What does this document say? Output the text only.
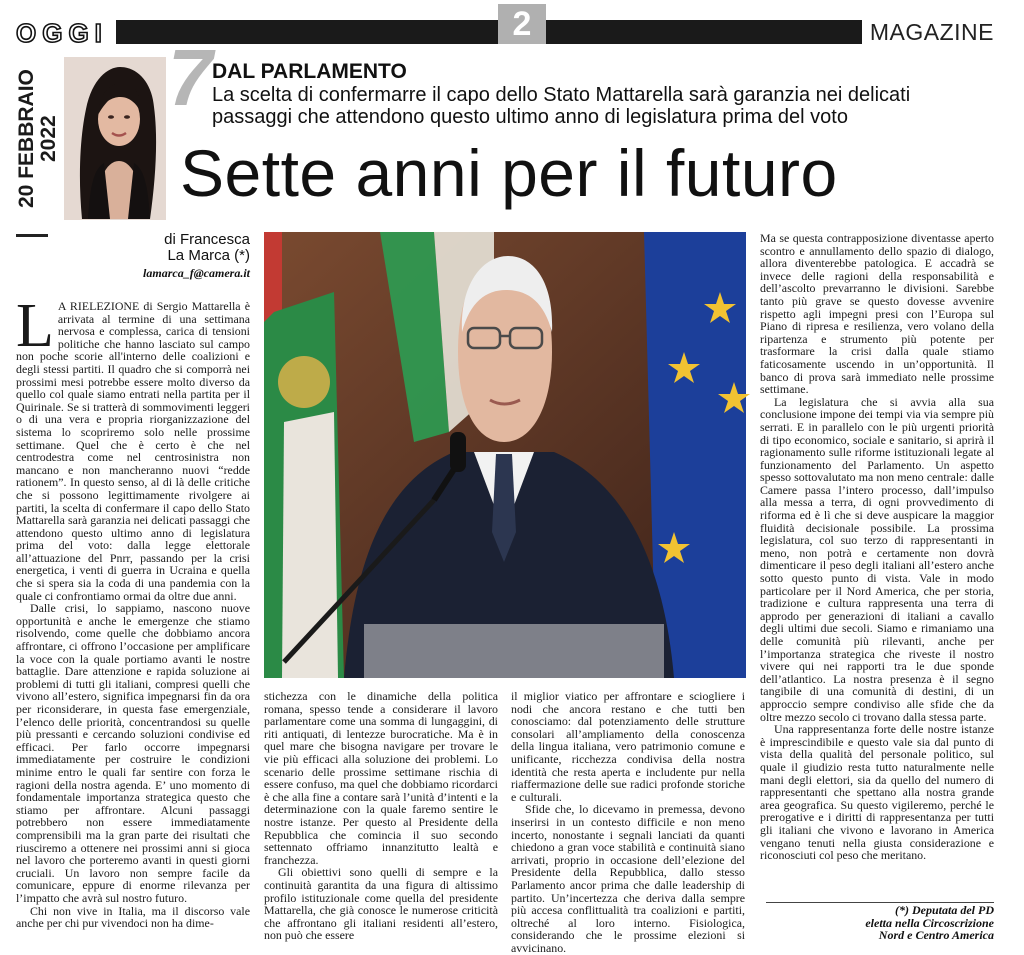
OGGI	2	MAGAZINE
20 FEBBRAIO 2022
7 DAL PARLAMENTO
La scelta di confermarre il capo dello Stato Mattarella sarà garanzia nei delicati passaggi che attendono questo ultimo anno di legislatura prima del voto
Sette anni per il futuro
di Francesca
La Marca (*)
lamarca_f@camera.it

L A RIELEZIONE di Sergio Mattarella è arrivata al termine di una settimana nervosa e complessa, carica di tensioni politiche che hanno lasciato sul campo non poche scorie all'interno delle coalizioni e degli stessi partiti. Il quadro che si comporrà nei prossimi mesi potrebbe essere molto diverso da quello col quale siamo entrati nella partita per il Quirinale. Se si tratterà di sommovimenti leggeri o di una vera e propria riorganizzazione del sistema lo scopriremo solo nelle prossime settimane. Quel che è certo è che nel centrodestra come nel centrosinistra non mancano e non mancheranno nuovi “redde rationem”. In questo senso, al di là delle critiche che si possono legittimamente rivolgere ai partiti, la scelta di confermare il capo dello Stato Mattarella sarà garanzia nei delicati passaggi che attendono questo ultimo anno di legislatura prima del voto: dalla legge elettorale all’attuazione del Pnrr, passando per la crisi energetica, i venti di guerra in Ucraina e quella che si spera sia la coda di una pandemia con la quale ci confrontiamo ormai da oltre due anni.

Dalle crisi, lo sappiamo, nascono nuove opportunità e anche le emergenze che stiamo risolvendo, come quelle che dobbiamo ancora affrontare, ci offrono l’occasione per amplificare la voce con la quale portiamo avanti le nostre battaglie. Dare attenzione e rapida soluzione ai problemi di tutti gli italiani, compresi quelli che vivono all’estero, significa impegnarsi fin da ora per riconsiderare, in questa fase emergenziale, l’elenco delle priorità, concentrandosi su quelle più pressanti e cercando soluzioni condivise ed efficaci. Per farlo occorre impegnarsi immediatamente per costruire le condizioni minime entro le quali far sentire con forza le ragioni della nostra agenda. E’ uno momento di fondamentale importanza strategica questo che stiamo per affrontare. Alcuni passaggi potrebbero non essere immediatamente comprensibili ma la gran parte dei risultati che riusciremo a ottenere nei prossimi anni si gioca nel lavoro che porteremo avanti in questi giorni cruciali. Un lavoro non sempre facile da comunicare, eppure di enorme rilevanza per l’impatto che avrà sul nostro futuro.

Chi non vive in Italia, ma il discorso vale anche per chi pur vivendoci non ha dime-

stichezza con le dinamiche della politica romana, spesso tende a considerare il lavoro parlamentare come una somma di lungaggini, di riti antiquati, di lentezze burocratiche. Ma è in quel mare che bisogna navigare per trovare le vie più efficaci alla soluzione dei problemi. Lo scenario delle prossime settimane rischia di essere confuso, ma quel che dobbiamo ricordarci è che alla fine a contare sarà l’unità d’intenti e la determinazione con la quale faremo sentire le nostre istanze. Per questo al Presidente della Repubblica che comincia il suo secondo settennato offriamo innanzitutto lealtà e franchezza.

Gli obiettivi sono quelli di sempre e la continuità garantita da una figura di altissimo profilo istituzionale come quella del presidente Mattarella, che già conosce le numerose criticità che affrontano gli italiani residenti all’estero, non può che essere

il miglior viatico per affrontare e sciogliere i nodi che ancora restano e che tutti ben conosciamo: dal potenziamento delle strutture consolari all’ampliamento della conoscenza della lingua italiana, vero patrimonio comune e unificante, ricchezza condivisa della nostra identità che resta aperta e includente pur nella riaffermazione delle sue radici profonde storiche e culturali.

Sfide che, lo dicevamo in premessa, devono inserirsi in un contesto difficile e non meno incerto, nonostante i segnali lanciati da quanti chiedono a gran voce stabilità e continuità siano arrivati, proprio in occasione dell’elezione del Presidente della Repubblica, dallo stesso Parlamento ancor prima che dalle leadership di partito. Un’incertezza che deriva dalla sempre più accesa conflittualità tra coalizioni e partiti, oltreché al loro interno. Fisiologica, considerando che le prossime elezioni si avvicinano.

Ma se questa contrapposizione diventasse aperto scontro e annullamento dello spazio di dialogo, allora diventerebbe patologica. E accadrà se invece delle ragioni della responsabilità e dell’ascolto prevarranno le divisioni. Sarebbe tanto più grave se questo dovesse avvenire rispetto agli impegni presi con l’Europa sul Piano di ripresa e resilienza, vero volano della ripartenza e strumento più potente per trasformare la crisi dalla quale stiamo faticosamente uscendo in un’opportunità. Il banco di prova sarà immediato nelle prossime settimane.

La legislatura che si avvia alla sua conclusione impone dei tempi via via sempre più serrati. E in parallelo con le più urgenti priorità di tipo economico, sociale e sanitario, si aprirà il ragionamento sulle riforme istituzionali legate al funzionamento del Parlamento. Un aspetto spesso sottovalutato ma non meno centrale: dalle Camere passa l’intero processo, dall’impulso alla messa a terra, di ogni provvedimento di riforma ed è lì che si deve auspicare la maggior fluidità decisionale possibile. La prossima legislatura, col suo terzo di rappresentanti in meno, non potrà e certamente non dovrà dimenticare il peso degli italiani all’estero anche sotto questo punto di vista. Vale in modo particolare per il Nord America, che per storia, tradizione e cultura rappresenta una terra di approdo per generazioni di italiani a cavallo degli ultimi due secoli. Siamo e rimaniamo una delle comunità più rilevanti, anche per l’importanza strategica che riveste il nostro vivere qui nei rapporti tra le due sponde dell’atlantico. La nostra presenza è il segno tangibile di una comunità di destini, di un approccio sempre condiviso alle sfide che da oltre mezzo secolo ci trovano dalla stessa parte.

Una rappresentanza forte delle nostre istanze è imprescindibile e questo vale sia dal punto di vista della qualità del personale politico, sul quale il giudizio resta tutto naturalmente nelle mani degli elettori, sia da quello del numero di rappresentanti che spettano alla nostra grande area geografica. Su questo vigileremo, perché le prerogative e i diritti di rappresentanza per tutti gli italiani che vivono e lavorano in America vengano tenuti nella giusta considerazione e riconosciuti col peso che meritano.

(*) Deputata del PD
eletta nella Circoscrizione
Nord e Centro America
